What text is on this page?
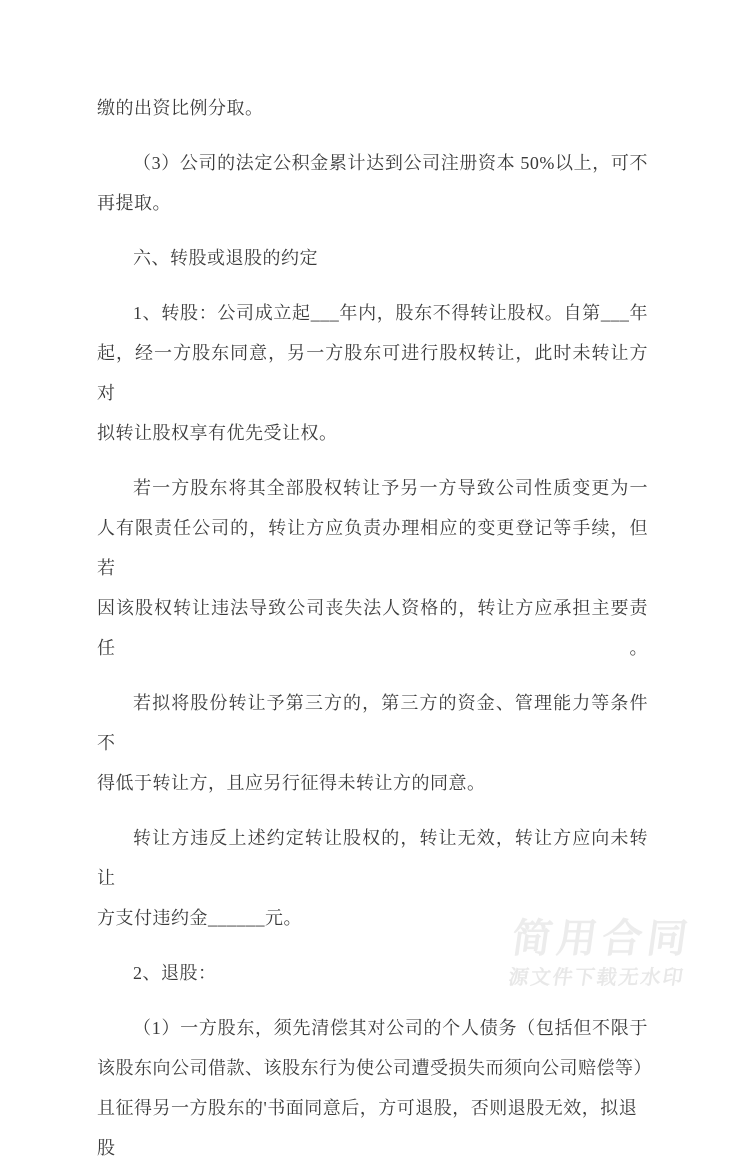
缴的出资比例分取。
（3）公司的法定公积金累计达到公司注册资本 50%以上，可不
再提取。
六、转股或退股的约定
1、转股：公司成立起___年内，股东不得转让股权。自第___年
起，经一方股东同意，另一方股东可进行股权转让，此时未转让方对
拟转让股权享有优先受让权。
若一方股东将其全部股权转让予另一方导致公司性质变更为一
人有限责任公司的，转让方应负责办理相应的变更登记等手续，但若
因该股权转让违法导致公司丧失法人资格的，转让方应承担主要责任。
若拟将股份转让予第三方的，第三方的资金、管理能力等条件不
得低于转让方，且应另行征得未转让方的同意。
转让方违反上述约定转让股权的，转让无效，转让方应向未转让
方支付违约金______元。
2、退股：
（1）一方股东，须先清偿其对公司的个人债务（包括但不限于
该股东向公司借款、该股东行为使公司遭受损失而须向公司赔偿等）
且征得另一方股东的'书面同意后，方可退股，否则退股无效，拟退股
简用合同
源文件下载无水印
